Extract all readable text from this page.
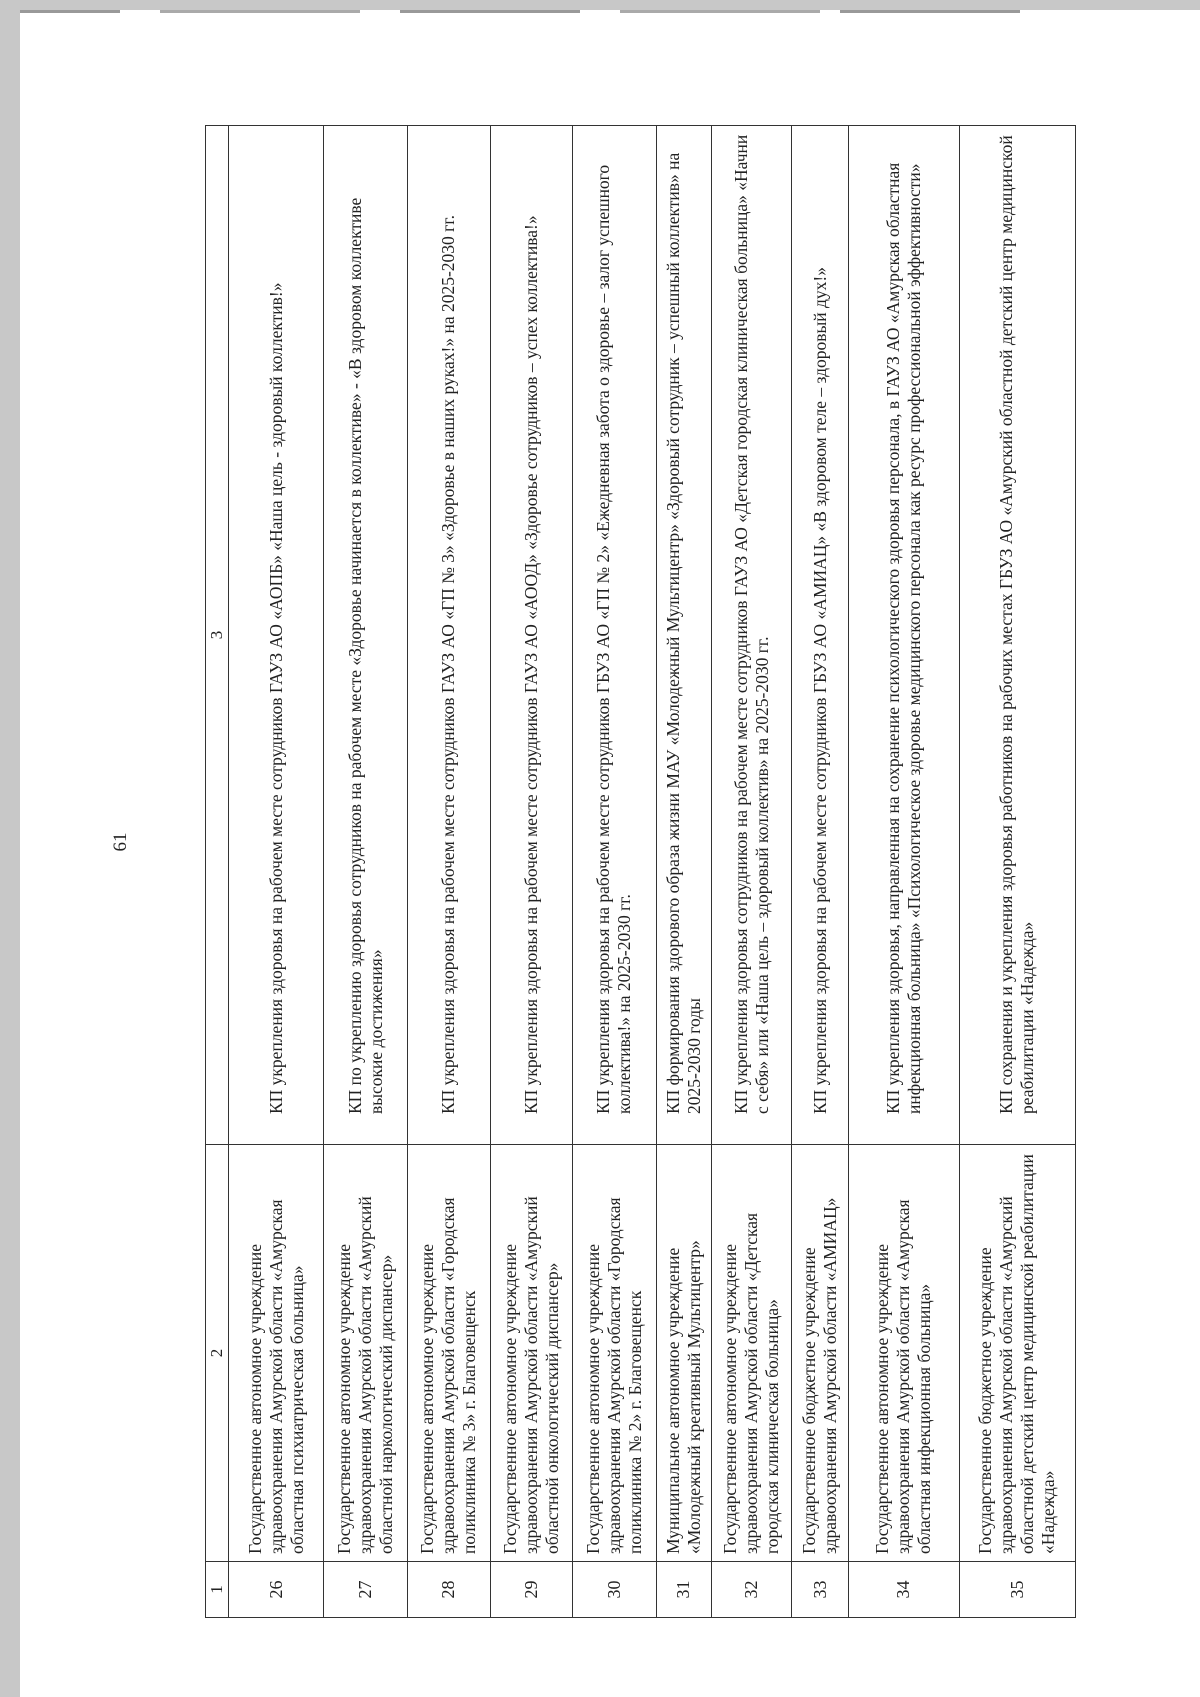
61
1	2	3
26	Государственное автономное учреждение здравоохранения Амурской области «Амурская областная психиатрическая больница»	КП укрепления здоровья на рабочем месте сотрудников ГАУЗ АО «АОПБ» «Наша цель - здоровый коллектив!»
27	Государственное автономное учреждение здравоохранения Амурской области «Амурский областной наркологический диспансер»	КП по укреплению здоровья сотрудников на рабочем месте «Здоровье начинается в коллективе» - «В здоровом коллективе высокие достижения»
28	Государственное автономное учреждение здравоохранения Амурской области «Городская поликлиника № 3» г. Благовещенск	КП укрепления здоровья на рабочем месте сотрудников ГАУЗ АО «ГП № 3» «Здоровье в наших руках!» на 2025-2030 гг.
29	Государственное автономное учреждение здравоохранения Амурской области «Амурский областной онкологический диспансер»	КП укрепления здоровья на рабочем месте сотрудников ГАУЗ АО «АООД» «Здоровье сотрудников – успех коллектива!»
30	Государственное автономное учреждение здравоохранения Амурской области «Городская поликлиника № 2» г. Благовещенск	КП укрепления здоровья на рабочем месте сотрудников ГБУЗ АО «ГП № 2» «Ежедневная забота о здоровье – залог успешного коллектива!» на 2025-2030 гг.
31	Муниципальное автономное учреждение «Молодежный креативный Мультицентр»	КП формирования здорового образа жизни МАУ «Молодежный Мультицентр» «Здоровый сотрудник – успешный коллектив» на 2025-2030 годы
32	Государственное автономное учреждение здравоохранения Амурской области «Детская городская клиническая больница»	КП укрепления здоровья сотрудников на рабочем месте сотрудников ГАУЗ АО «Детская городская клиническая больница» «Начни с себя» или «Наша цель – здоровый коллектив» на 2025-2030 гг.
33	Государственное бюджетное учреждение здравоохранения Амурской области «АМИАЦ»	КП укрепления здоровья на рабочем месте сотрудников ГБУЗ АО «АМИАЦ» «В здоровом теле – здоровый дух!»
34	Государственное автономное учреждение здравоохранения Амурской области «Амурская областная инфекционная больница»	КП укрепления здоровья, направленная на сохранение психологического здоровья персонала, в ГАУЗ АО «Амурская областная инфекционная больница» «Психологическое здоровье медицинского персонала как ресурс профессиональной эффективности»
35	Государственное бюджетное учреждение здравоохранения Амурской области «Амурский областной детский центр медицинской реабилитации «Надежда»	КП сохранения и укрепления здоровья работников на рабочих местах ГБУЗ АО «Амурский областной детский центр медицинской реабилитации «Надежда»
